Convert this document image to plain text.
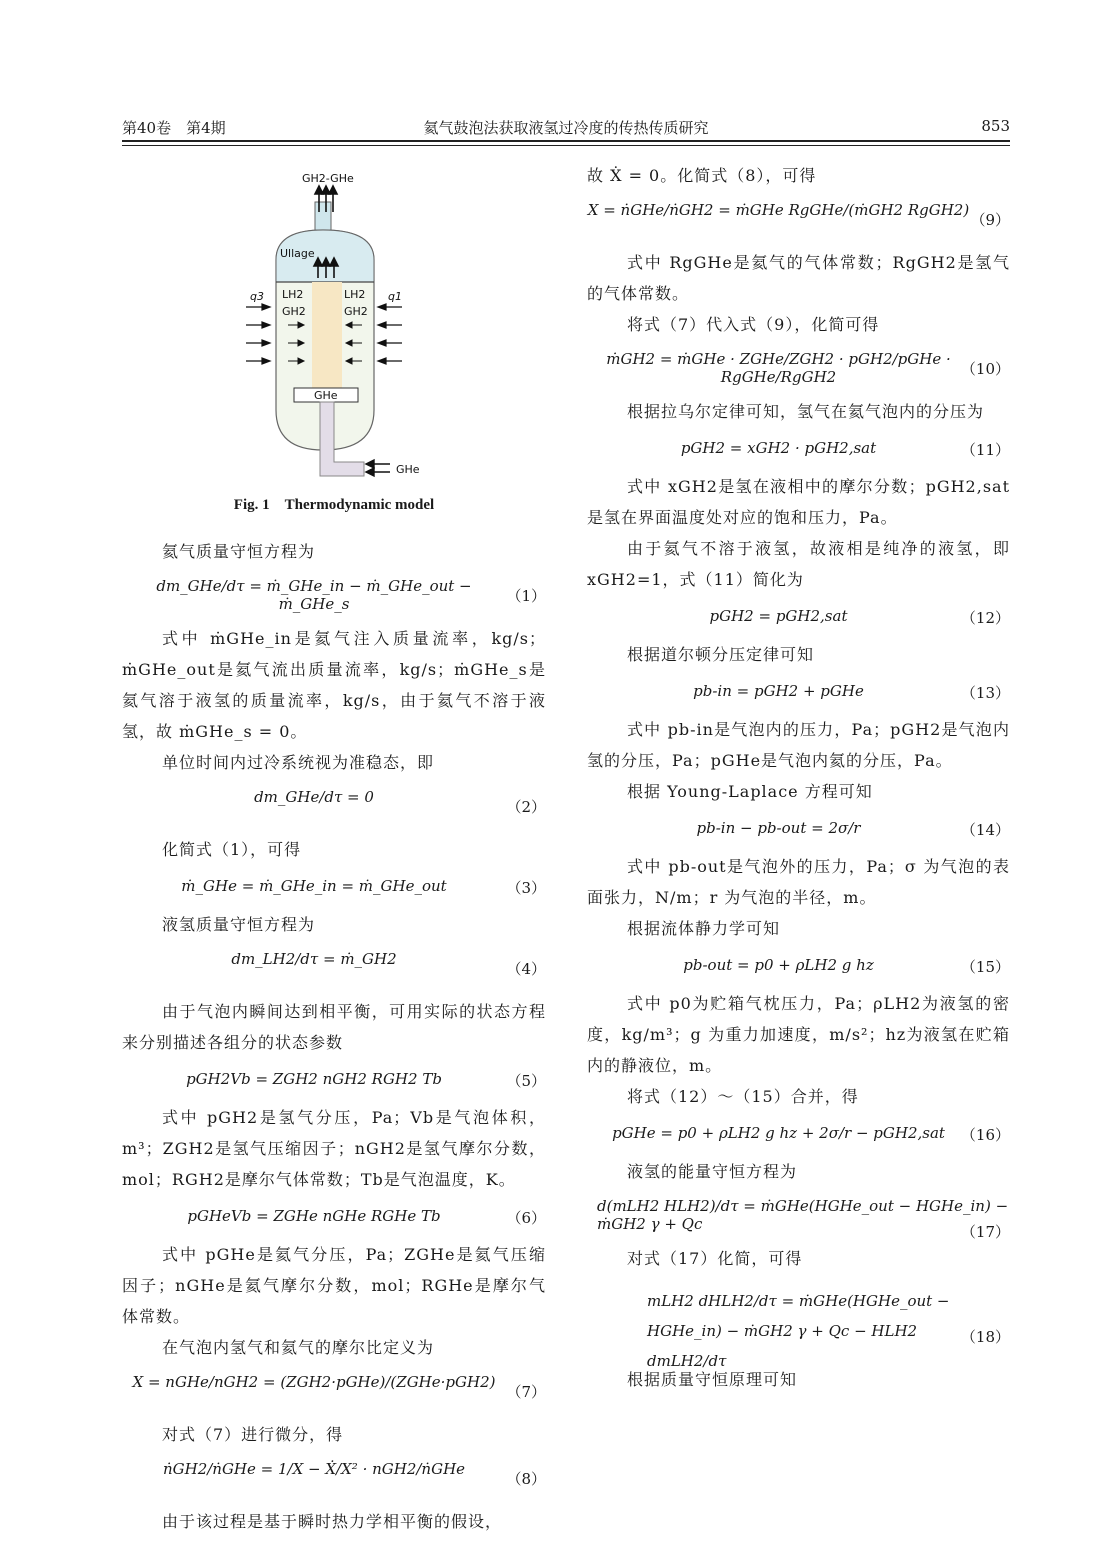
第40卷　第4期	氦气鼓泡法获取液氢过冷度的传热传质研究	853
GH2-GHe
Ullage
LH2
GH2
LH2
GH2
q3	q1
GHe
GHe
Fig. 1　Thermodynamic model

氦气质量守恒方程为

dm_GHe/dτ = ṁ_GHe_in − ṁ_GHe_out − ṁ_GHe_s	（1）

式中 ṁGHe_in是氦气注入质量流率，kg/s；ṁGHe_out是氦气流出质量流率，kg/s；ṁGHe_s是氦气溶于液氢的质量流率，kg/s，由于氦气不溶于液氢，故 ṁGHe_s = 0。

单位时间内过冷系统视为准稳态，即

dm_GHe/dτ = 0
（2）

化简式（1），可得

ṁ_GHe = ṁ_GHe_in = ṁ_GHe_out	（3）

液氢质量守恒方程为

dm_LH2/dτ = ṁ_GH2
（4）

由于气泡内瞬间达到相平衡，可用实际的状态方程来分别描述各组分的状态参数

pGH2Vb = ZGH2 nGH2 RGH2 Tb	（5）

式中 pGH2是氢气分压，Pa；Vb是气泡体积，m³；ZGH2是氢气压缩因子；nGH2是氢气摩尔分数，mol；RGH2是摩尔气体常数；Tb是气泡温度，K。

pGHeVb = ZGHe nGHe RGHe Tb	（6）

式中 pGHe是氦气分压，Pa；ZGHe是氦气压缩因子；nGHe是氦气摩尔分数，mol；RGHe是摩尔气体常数。

在气泡内氢气和氦气的摩尔比定义为

X = nGHe/nGH2 = (ZGH2·pGHe)/(ZGHe·pGH2)
（7）

对式（7）进行微分，得

ṅGH2/ṅGHe = 1/X − Ẋ/X² · nGH2/ṅGHe
（8）

由于该过程是基于瞬时热力学相平衡的假设，

故 Ẋ = 0。化简式（8），可得

X = ṅGHe/ṅGH2 = ṁGHe RgGHe/(ṁGH2 RgGH2)
（9）

式中 RgGHe是氦气的气体常数；RgGH2是氢气的气体常数。

将式（7）代入式（9），化简可得

ṁGH2 = ṁGHe · ZGHe/ZGH2 · pGH2/pGHe · RgGHe/RgGH2	（10）

根据拉乌尔定律可知，氢气在氦气泡内的分压为

pGH2 = xGH2 · pGH2,sat	（11）

式中 xGH2是氢在液相中的摩尔分数；pGH2,sat是氢在界面温度处对应的饱和压力，Pa。

由于氦气不溶于液氢，故液相是纯净的液氢，即 xGH2=1，式（11）简化为

pGH2 = pGH2,sat	（12）

根据道尔顿分压定律可知

pb-in = pGH2 + pGHe	（13）

式中 pb-in是气泡内的压力，Pa；pGH2是气泡内氢的分压，Pa；pGHe是气泡内氦的分压，Pa。

根据 Young-Laplace 方程可知

pb-in − pb-out = 2σ/r	（14）

式中 pb-out是气泡外的压力，Pa；σ 为气泡的表面张力，N/m；r 为气泡的半径，m。

根据流体静力学可知

pb-out = p0 + ρLH2 g hz	（15）

式中 p0为贮箱气枕压力，Pa；ρLH2为液氢的密度，kg/m³；g 为重力加速度，m/s²；hz为液氢在贮箱内的静液位，m。

将式（12）～（15）合并，得

pGHe = p0 + ρLH2 g hz + 2σ/r − pGH2,sat	（16）

液氢的能量守恒方程为

d(mLH2 HLH2)/dτ = ṁGHe(HGHe_out − HGHe_in) − ṁGH2 γ + Qc	（17）

对式（17）化简，可得

mLH2 dHLH2/dτ = ṁGHe(HGHe_out − HGHe_in) − ṁGH2 γ + Qc − HLH2 dmLH2/dτ
（18）

根据质量守恒原理可知
